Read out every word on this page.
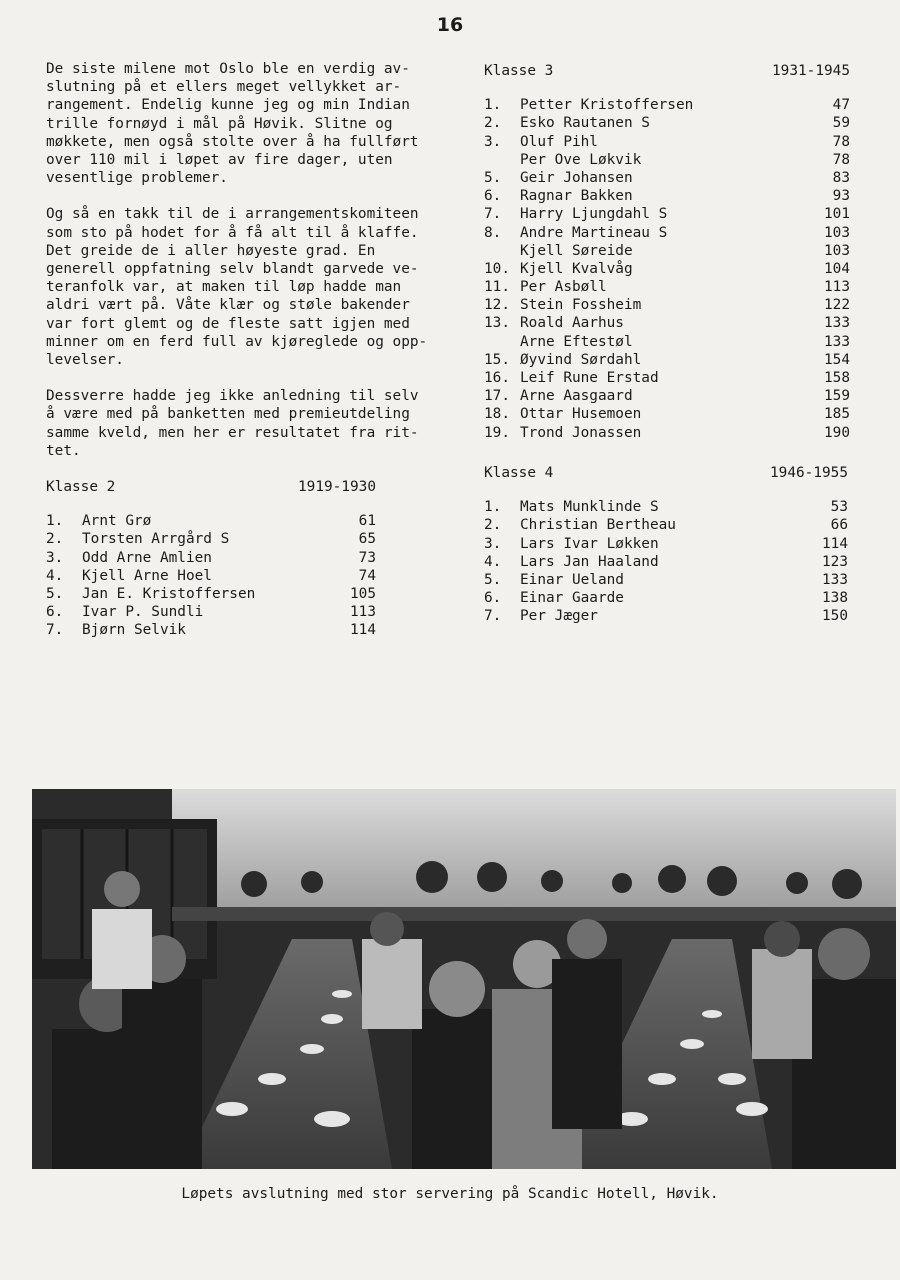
16

De siste milene mot Oslo ble en verdig av-
slutning på et ellers meget vellykket ar-
rangement. Endelig kunne jeg og min Indian
trille fornøyd i mål på Høvik. Slitne og
møkkete, men også stolte over å ha fullført
over 110 mil i løpet av fire dager, uten
vesentlige problemer.

Og så en takk til de i arrangementskomiteen
som sto på hodet for å få alt til å klaffe.
Det greide de i aller høyeste grad. En
generell oppfatning selv blandt garvede ve-
teranfolk var, at maken til løp hadde man
aldri vært på. Våte klær og støle bakender
var fort glemt og de fleste satt igjen med
minner om en ferd full av kjøreglede og opp-
levelser.

Dessverre hadde jeg ikke anledning til selv
å være med på banketten med premieutdeling
samme kveld, men her er resultatet fra rit-
tet.

Klasse 2	1919-1930
1.	Arnt Grø	61
2.	Torsten Arrgård S	65
3.	Odd Arne Amlien	73
4.	Kjell Arne Hoel	74
5.	Jan E. Kristoffersen	105
6.	Ivar P. Sundli	113
7.	Bjørn Selvik	114
Klasse 3	1931-1945
1.	Petter Kristoffersen	47
2.	Esko Rautanen S	59
3.	Oluf Pihl	78
Per Ove Løkvik	78
5.	Geir Johansen	83
6.	Ragnar Bakken	93
7.	Harry Ljungdahl S	101
8.	Andre Martineau S	103
Kjell Søreide	103
10. Kjell Kvalvåg	104
11. Per Asbøll	113
12. Stein Fossheim	122
13. Roald Aarhus	133
Arne Eftestøl	133
15. Øyvind Sørdahl	154
16. Leif Rune Erstad	158
17. Arne Aasgaard	159
18. Ottar Husemoen	185
19. Trond Jonassen	190
Klasse 4	1946-1955
1.	Mats Munklinde S	53
2.	Christian Bertheau	66
3.	Lars Ivar Løkken	114
4.	Lars Jan Haaland	123
5.	Einar Ueland	133
6.	Einar Gaarde	138
7.	Per Jæger	150
Løpets avslutning med stor servering på Scandic Hotell, Høvik.
